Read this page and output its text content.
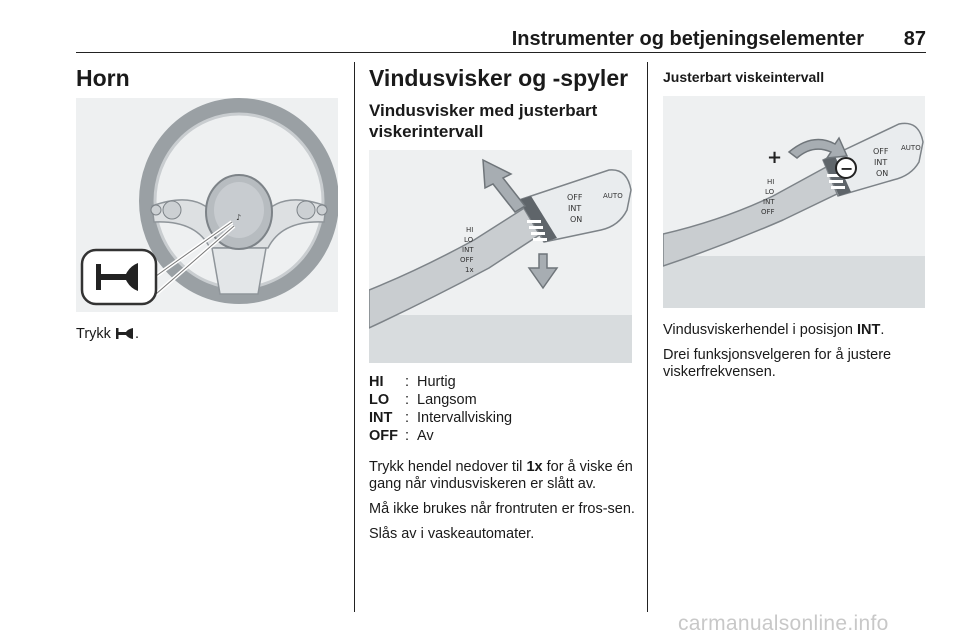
Instrumenter og betjeningselementer 87
Horn
♪

Trykk
.

Vindusvisker og -spyler
Vindusvisker med justerbart viskerintervall
OFF
INT
ON
AUTO
HI
LO
INT
OFF
1x
HI	: Hurtig
LO	: Langsom
INT : Intervallvisking
OFF : Av

Trykk hendel nedover til 1x for å viske én gang når vindusviskeren er slått av.

Må ikke brukes når frontruten er fros-sen.

Slås av i vaskeautomater.

Justerbart viskeintervall
OFF
INT
ON
AUTO
HI
LO
INT
OFF
+
−

Vindusviskerhendel i posisjon INT.

Drei funksjonsvelgeren for å justere viskerfrekvensen.

carmanualsonline.info
